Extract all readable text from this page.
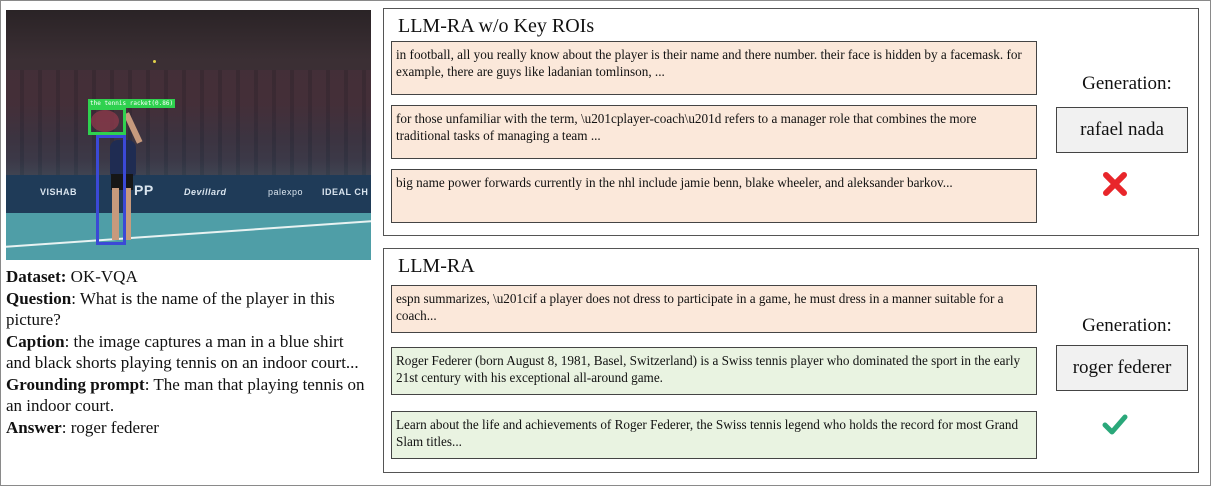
VISHAB	PP	Devillard	palexpo IDEAL CH
the tennis racket(0.86)

Dataset: OK-VQA

Question: What is the name of the player in this picture?

Caption: the image captures a man in a blue shirt and black shorts playing tennis on an indoor court...

Grounding prompt: The man that playing tennis on an indoor court.

Answer: roger federer

LLM-RA w/o Key ROIs
in football, all you really know about the player is their name and there number. their face is hidden by a facemask. for example, there are guys like ladanian tomlinson, ...
for those unfamiliar with the term, \u201cplayer-coach\u201d refers to a manager role that combines the more traditional tasks of managing a team ...
big name power forwards currently in the nhl include jamie benn, blake wheeler, and aleksander barkov...
Generation:
rafael nada
LLM-RA
espn summarizes, \u201cif a player does not dress to participate in a game, he must dress in a manner suitable for a coach...
Roger Federer (born August 8, 1981, Basel, Switzerland) is a Swiss tennis player who dominated the sport in the early 21st century with his exceptional all-around game.
Learn about the life and achievements of Roger Federer, the Swiss tennis legend who holds the record for most Grand Slam titles...
Generation:
roger federer
